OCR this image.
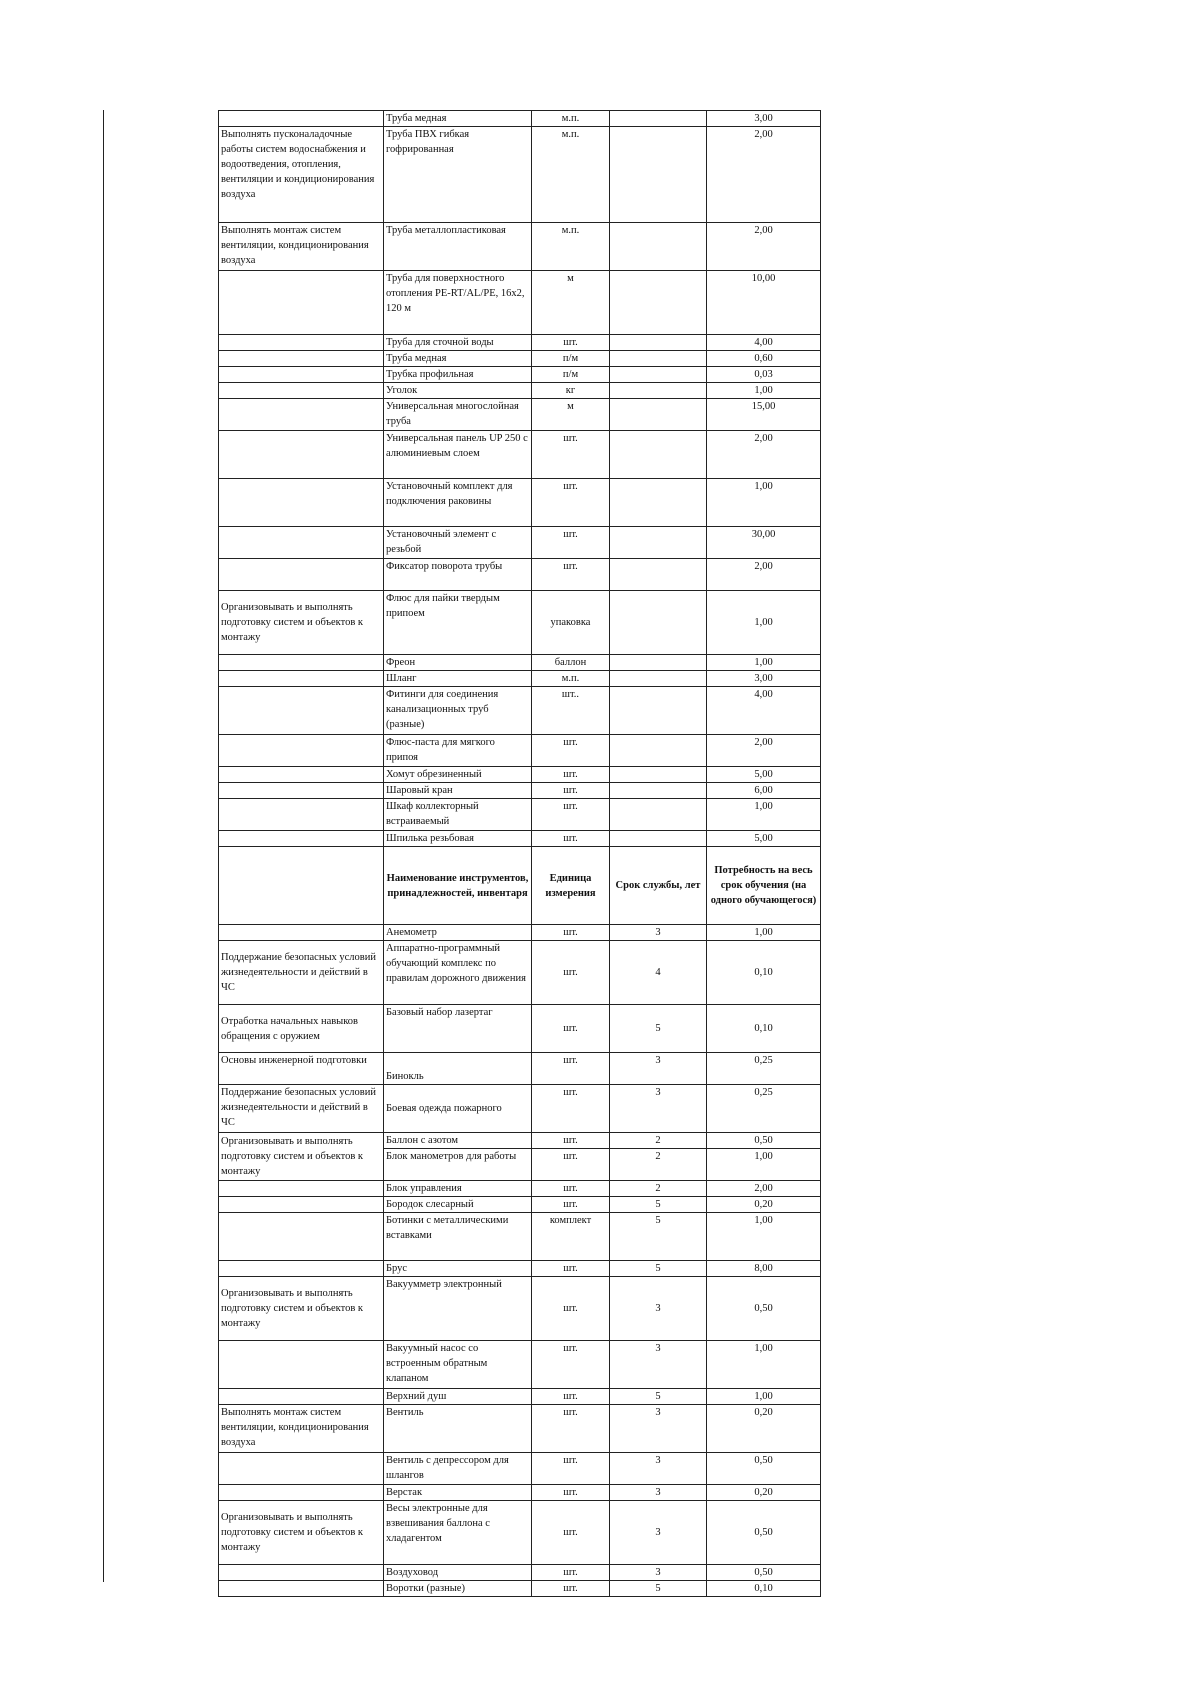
	Труба медная	м.п.		3,00
Выполнять пусконаладочные работы систем водоснабжения и водоотведения, отопления, вентиляции и кондиционирования воздуха	Труба ПВХ гибкая гофрированная	м.п.		2,00
Выполнять монтаж систем вентиляции, кондиционирования воздуха	Труба металлопластиковая	м.п.		2,00
	Труба для поверхностного отопления PE-RT/AL/PE, 16x2, 120 м	м		10,00
	Труба для сточной воды	шт.		4,00
	Труба медная	п/м		0,60
	Трубка профильная	п/м		0,03
	Уголок	кг		1,00
	Универсальная многослойная труба	м		15,00
	Универсальная панель UP 250 с алюминиевым слоем	шт.		2,00
	Установочный комплект для подключения раковины	шт.		1,00
	Установочный элемент с резьбой	шт.		30,00
	Фиксатор поворота трубы	шт.		2,00
Организовывать и выполнять подготовку систем и объектов к монтажу	Флюс для пайки твердым припоем	упаковка		1,00
	Фреон	баллон		1,00
	Шланг	м.п.		3,00
	Фитинги для соединения канализационных труб (разные)	шт..		4,00
	Флюс-паста для мягкого припоя	шт.		2,00
	Хомут обрезиненный	шт.		5,00
	Шаровый кран	шт.		6,00
	Шкаф коллекторный встраиваемый	шт.		1,00
	Шпилька резьбовая	шт.		5,00
	Наименование инструментов, принадлежностей, инвентаря	Единица измерения	Срок службы, лет	Потребность на весь срок обучения (на одного обучающегося)
	Анемометр	шт.	3	1,00
Поддержание безопасных условий жизнедеятельности и действий в ЧС	Аппаратно-программный обучающий комплекс по правилам дорожного движения	шт.	4	0,10
Отработка начальных навыков обращения с оружием	Базовый набор лазертаг	шт.	5	0,10
Основы инженерной подготовки	Бинокль	шт.	3	0,25
Поддержание безопасных условий жизнедеятельности и действий в ЧС	Боевая одежда пожарного	шт.	3	0,25
Организовывать и выполнять подготовку систем и объектов к монтажу	Баллон с азотом	шт.	2	0,50
	Блок манометров для работы	шт.	2	1,00
	Блок управления	шт.	2	2,00
	Бородок слесарный	шт.	5	0,20
	Ботинки с металлическими вставками	комплект	5	1,00
	Брус	шт.	5	8,00
Организовывать и выполнять подготовку систем и объектов к монтажу	Вакуумметр электронный	шт.	3	0,50
	Вакуумный насос со встроенным обратным клапаном	шт.	3	1,00
	Верхний душ	шт.	5	1,00
Выполнять монтаж систем вентиляции, кондиционирования воздуха	Вентиль	шт.	3	0,20
	Вентиль с депрессором для шлангов	шт.	3	0,50
	Верстак	шт.	3	0,20
Организовывать и выполнять подготовку систем и объектов к монтажу	Весы электронные для взвешивания баллона с хладагентом	шт.	3	0,50
	Воздуховод	шт.	3	0,50
	Воротки (разные)	шт.	5	0,10
